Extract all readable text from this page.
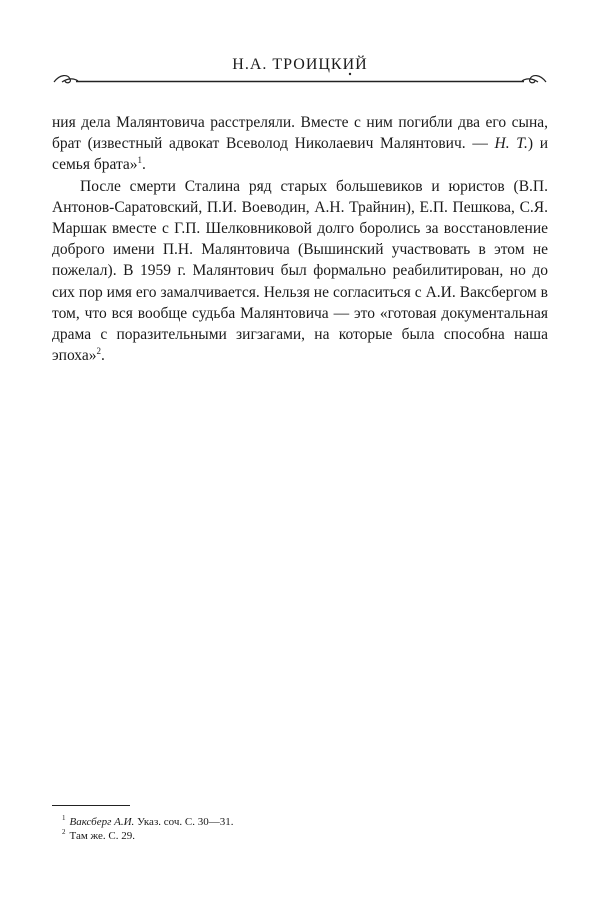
Н.А. ТРОИЦКИЙ

ния дела Малянтовича расстреляли. Вместе с ним погибли два его сына, брат (известный адвокат Всеволод Николаевич Малянтович. — Н. Т.) и семья брата»$^1$.

После смерти Сталина ряд старых большевиков и юристов (В.П. Антонов-Саратовский, П.И. Воеводин, А.Н. Трайнин), Е.П. Пешкова, С.Я. Маршак вместе с Г.П. Шелковниковой долго боролись за восстановление доброго имени П.Н. Малянтовича (Вышинский участвовать в этом не пожелал). В 1959 г. Малянтович был формально реабилитирован, но до сих пор имя его замалчивается. Нельзя не согласиться с А.И. Ваксбергом в том, что вся вообще судьба Малянтовича — это «готовая документальная драма с поразительными зигзагами, на которые была способна наша эпоха»$^2$.

$^1$ Ваксберг А.И. Указ. соч. С. 30—31.

$^2$ Там же. С. 29.
